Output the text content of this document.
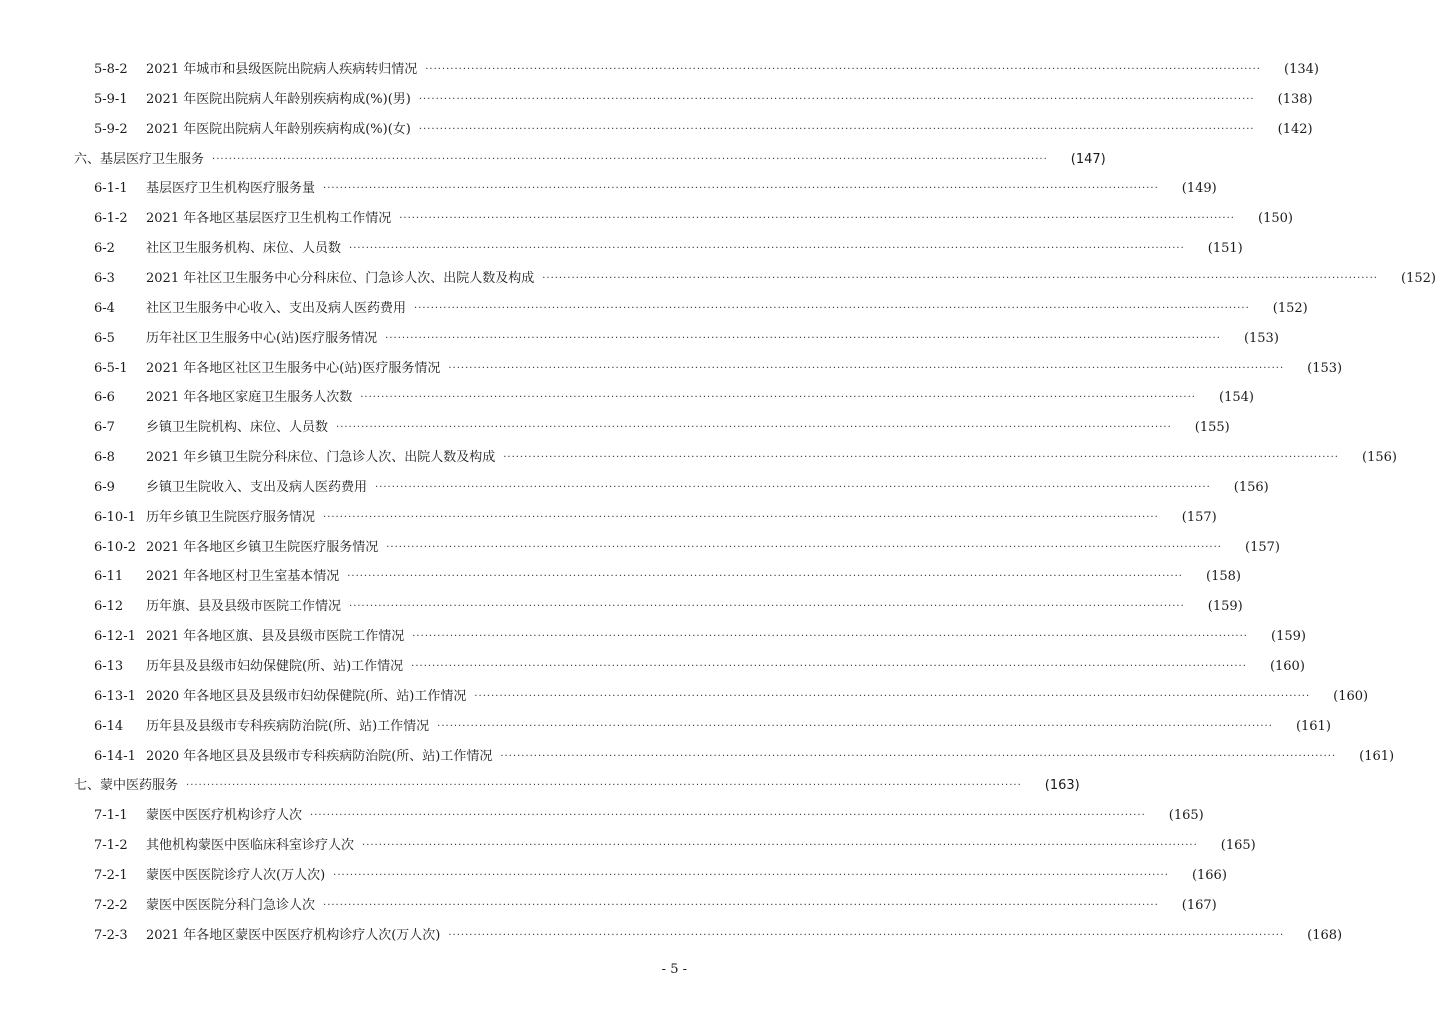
5-8-2	2021 年城市和县级医院出院病人疾病转归情况 ········································································································································································································	(134)
5-9-1	2021 年医院出院病人年龄别疾病构成(%)(男) ········································································································································································································	(138)
5-9-2	2021 年医院出院病人年龄别疾病构成(%)(女) ········································································································································································································	(142)
六、基层医疗卫生服务 ········································································································································································································	(147)
6-1-1	基层医疗卫生机构医疗服务量 ········································································································································································································	(149)
6-1-2	2021 年各地区基层医疗卫生机构工作情况 ········································································································································································································	(150)
6-2	社区卫生服务机构、床位、人员数 ········································································································································································································	(151)
6-3	2021 年社区卫生服务中心分科床位、门急诊人次、出院人数及构成 ········································································································································································································	(152)
6-4	社区卫生服务中心收入、支出及病人医药费用 ········································································································································································································	(152)
6-5	历年社区卫生服务中心(站)医疗服务情况 ········································································································································································································	(153)
6-5-1	2021 年各地区社区卫生服务中心(站)医疗服务情况 ········································································································································································································	(153)
6-6	2021 年各地区家庭卫生服务人次数 ········································································································································································································	(154)
6-7	乡镇卫生院机构、床位、人员数 ········································································································································································································	(155)
6-8	2021 年乡镇卫生院分科床位、门急诊人次、出院人数及构成 ········································································································································································································	(156)
6-9	乡镇卫生院收入、支出及病人医药费用 ········································································································································································································	(156)
6-10-1 历年乡镇卫生院医疗服务情况 ········································································································································································································	(157)
6-10-2 2021 年各地区乡镇卫生院医疗服务情况 ········································································································································································································	(157)
6-11	2021 年各地区村卫生室基本情况 ········································································································································································································	(158)
6-12	历年旗、县及县级市医院工作情况 ········································································································································································································	(159)
6-12-1 2021 年各地区旗、县及县级市医院工作情况 ········································································································································································································	(159)
6-13	历年县及县级市妇幼保健院(所、站)工作情况 ········································································································································································································	(160)
6-13-1 2020 年各地区县及县级市妇幼保健院(所、站)工作情况 ········································································································································································································	(160)
6-14	历年县及县级市专科疾病防治院(所、站)工作情况 ········································································································································································································	(161)
6-14-1 2020 年各地区县及县级市专科疾病防治院(所、站)工作情况 ········································································································································································································	(161)
七、蒙中医药服务 ········································································································································································································	(163)
7-1-1	蒙医中医医疗机构诊疗人次 ········································································································································································································	(165)
7-1-2	其他机构蒙医中医临床科室诊疗人次 ········································································································································································································	(165)
7-2-1	蒙医中医医院诊疗人次(万人次) ········································································································································································································	(166)
7-2-2	蒙医中医医院分科门急诊人次 ········································································································································································································	(167)
7-2-3	2021 年各地区蒙医中医医疗机构诊疗人次(万人次) ········································································································································································································	(168)
- 5 -
